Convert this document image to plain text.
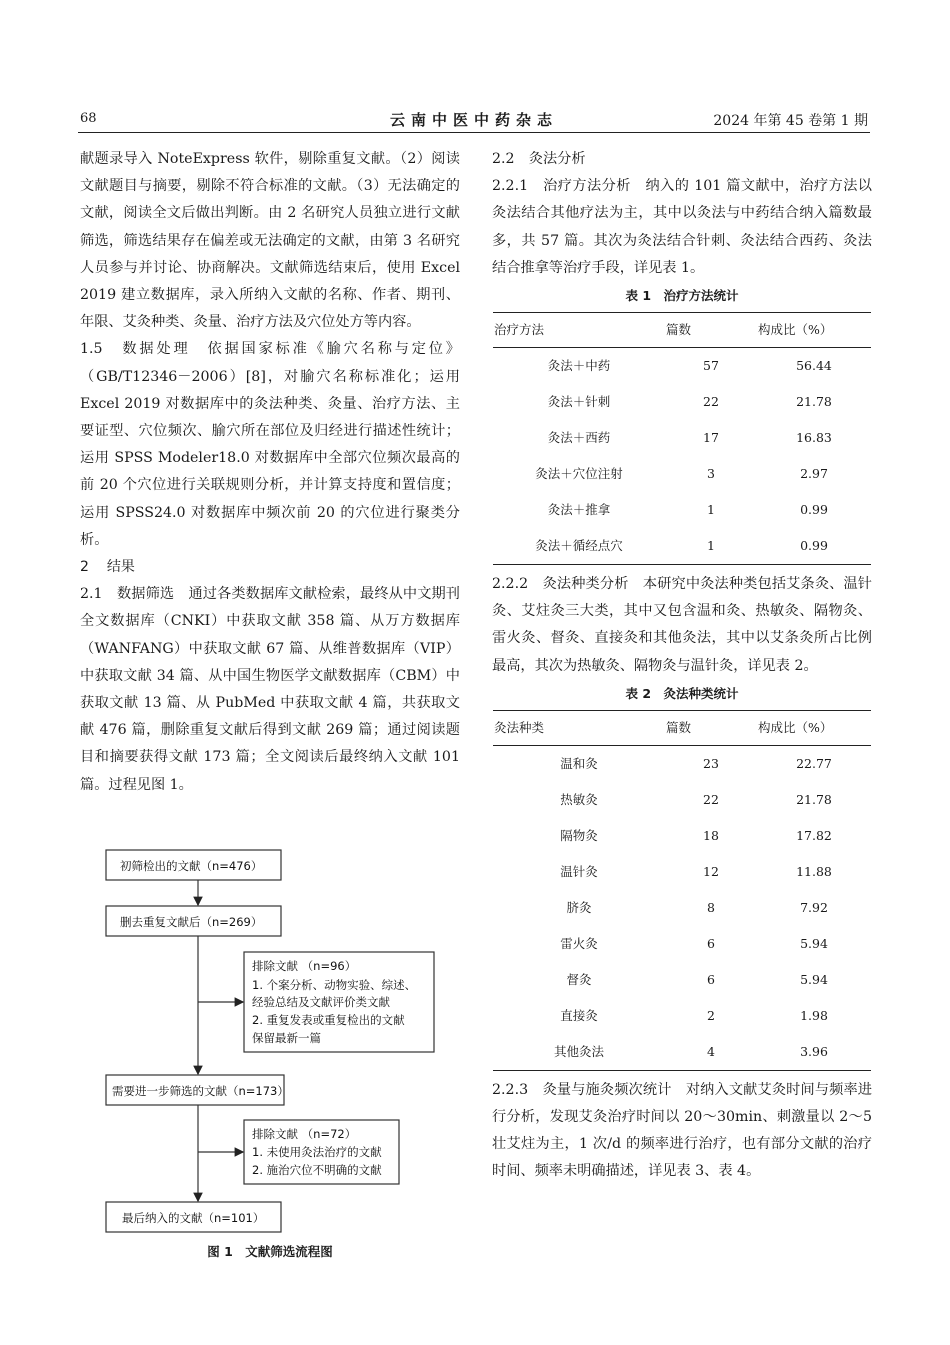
68	云南中医中药杂志	2024 年第 45 卷第 1 期

献题录导入 NoteExpress 软件，剔除重复文献。（2）阅读文献题目与摘要，剔除不符合标准的文献。（3）无法确定的文献，阅读全文后做出判断。由 2 名研究人员独立进行文献筛选，筛选结果存在偏差或无法确定的文献，由第 3 名研究人员参与并讨论、协商解决。文献筛选结束后，使用 Excel 2019 建立数据库，录入所纳入文献的名称、作者、期刊、年限、艾灸种类、灸量、治疗方法及穴位处方等内容。

1.5　数据处理　依据国家标准《腧穴名称与定位》（GB/T12346－2006）[8]，对腧穴名称标准化；运用 Excel 2019 对数据库中的灸法种类、灸量、治疗方法、主要证型、穴位频次、腧穴所在部位及归经进行描述性统计；运用 SPSS Modeler18.0 对数据库中全部穴位频次最高的前 20 个穴位进行关联规则分析，并计算支持度和置信度；运用 SPSS24.0 对数据库中频次前 20 的穴位进行聚类分析。

2 结果

2.1　数据筛选　通过各类数据库文献检索，最终从中文期刊全文数据库（CNKI）中获取文献 358 篇、从万方数据库（WANFANG）中获取文献 67 篇、从维普数据库（VIP）中获取文献 34 篇、从中国生物医学文献数据库（CBM）中获取文献 13 篇、从 PubMed 中获取文献 4 篇，共获取文献 476 篇，删除重复文献后得到文献 269 篇；通过阅读题目和摘要获得文献 173 篇；全文阅读后最终纳入文献 101 篇。过程见图 1。

初筛检出的文献（n=476）
删去重复文献后（n=269）
排除文献 （n=96）
1. 个案分析、动物实验、综述、
经验总结及文献评价类文献
2. 重复发表或重复检出的文献
保留最新一篇
需要进一步筛选的文献（n=173）
排除文献 （n=72）
1. 未使用灸法治疗的文献
2. 施治穴位不明确的文献
最后纳入的文献（n=101）
图 1　文献筛选流程图

2.2　灸法分析

2.2.1　治疗方法分析　纳入的 101 篇文献中，治疗方法以灸法结合其他疗法为主，其中以灸法与中药结合纳入篇数最多，共 57 篇。其次为灸法结合针刺、灸法结合西药、灸法结合推拿等治疗手段，详见表 1。

表 1　治疗方法统计
治疗方法	篇数	构成比（%）
灸法＋中药	57	56.44
灸法＋针刺	22	21.78
灸法＋西药	17	16.83
灸法＋穴位注射	3	2.97
灸法＋推拿	1	0.99
灸法＋循经点穴	1	0.99

2.2.2　灸法种类分析　本研究中灸法种类包括艾条灸、温针灸、艾炷灸三大类，其中又包含温和灸、热敏灸、隔物灸、雷火灸、督灸、直接灸和其他灸法，其中以艾条灸所占比例最高，其次为热敏灸、隔物灸与温针灸，详见表 2。

表 2　灸法种类统计
灸法种类	篇数	构成比（%）
温和灸	23	22.77
热敏灸	22	21.78
隔物灸	18	17.82
温针灸	12	11.88
脐灸	8	7.92
雷火灸	6	5.94
督灸	6	5.94
直接灸	2	1.98
其他灸法	4	3.96

2.2.3　灸量与施灸频次统计　对纳入文献艾灸时间与频率进行分析，发现艾灸治疗时间以 20～30min、刺激量以 2～5 壮艾炷为主，1 次/d 的频率进行治疗，也有部分文献的治疗时间、频率未明确描述，详见表 3、表 4。
